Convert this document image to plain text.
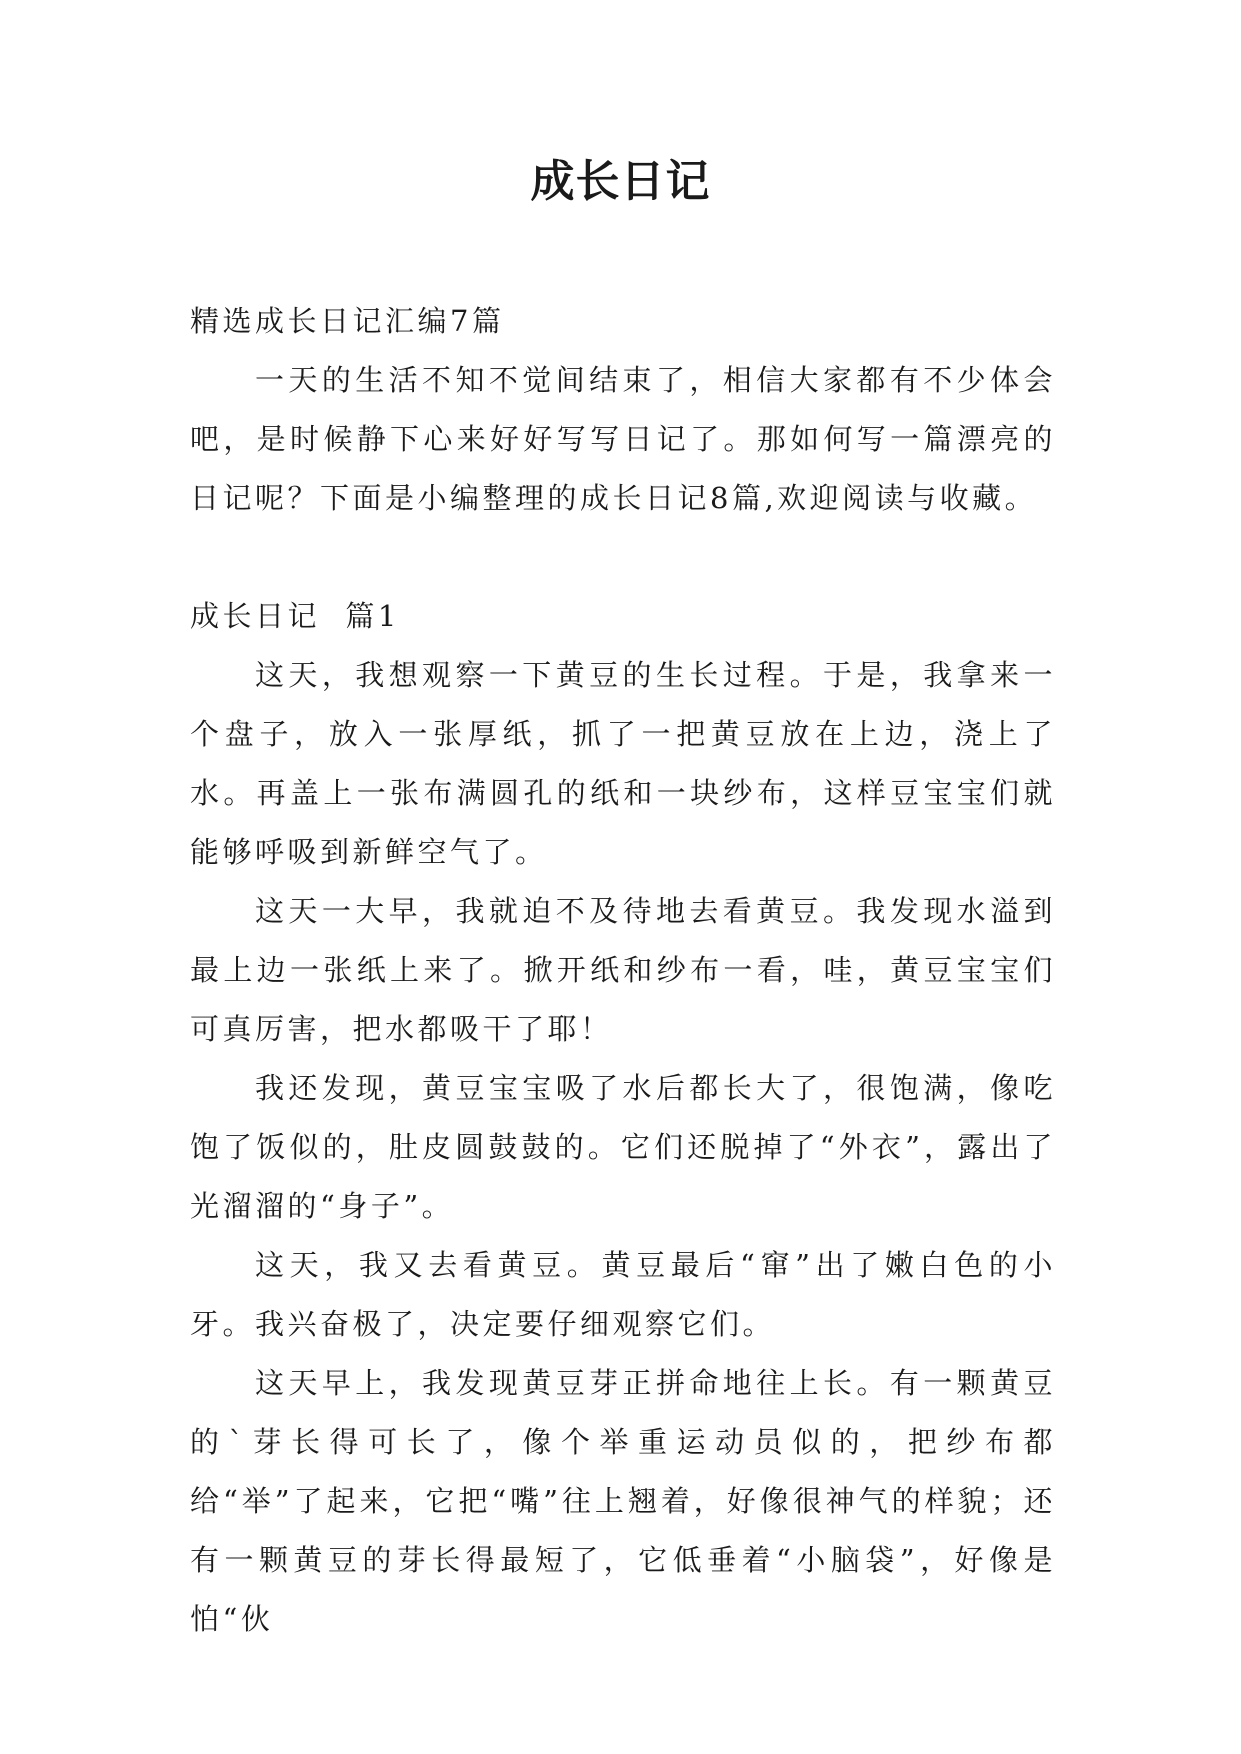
成长日记

精选成长日记汇编7篇

一天的生活不知不觉间结束了，相信大家都有不少体会吧，是时候静下心来好好写写日记了。那如何写一篇漂亮的日记呢？下面是小编整理的成长日记8篇,欢迎阅读与收藏。

成长日记  篇1

这天，我想观察一下黄豆的生长过程。于是，我拿来一个盘子，放入一张厚纸，抓了一把黄豆放在上边，浇上了水。再盖上一张布满圆孔的纸和一块纱布，这样豆宝宝们就能够呼吸到新鲜空气了。

这天一大早，我就迫不及待地去看黄豆。我发现水溢到最上边一张纸上来了。掀开纸和纱布一看，哇，黄豆宝宝们可真厉害，把水都吸干了耶！

我还发现，黄豆宝宝吸了水后都长大了，很饱满，像吃饱了饭似的，肚皮圆鼓鼓的。它们还脱掉了“外衣”，露出了光溜溜的“身子”。

这天，我又去看黄豆。黄豆最后“窜”出了嫩白色的小牙。我兴奋极了，决定要仔细观察它们。

这天早上，我发现黄豆芽正拼命地往上长。有一颗黄豆的`芽长得可长了，像个举重运动员似的，把纱布都给“举”了起来，它把“嘴”往上翘着，好像很神气的样貌；还有一颗黄豆的芽长得最短了，它低垂着“小脑袋”，好像是怕“伙
